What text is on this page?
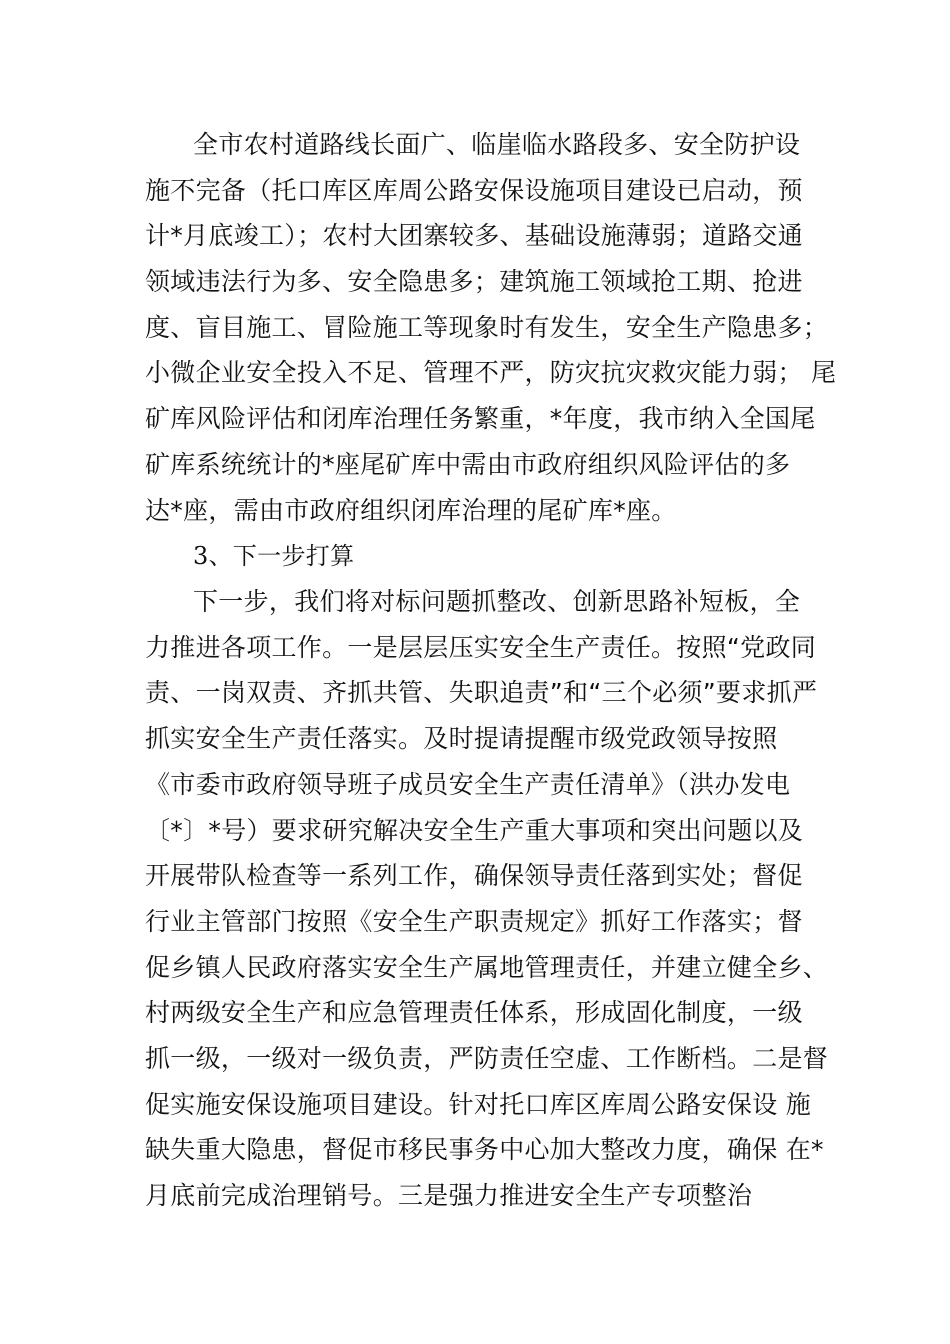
全市农村道路线长面广、临崖临水路段多、安全防护设
施不完备（托口库区库周公路安保设施项目建设已启动，预
计*月底竣工）；农村大团寨较多、基础设施薄弱；道路交通
领域违法行为多、安全隐患多；建筑施工领域抢工期、抢进
度、盲目施工、冒险施工等现象时有发生，安全生产隐患多；
小微企业安全投入不足、管理不严，防灾抗灾救灾能力弱； 尾
矿库风险评估和闭库治理任务繁重，*年度，我市纳入全国尾
矿库系统统计的*座尾矿库中需由市政府组织风险评估的多
达*座，需由市政府组织闭库治理的尾矿库*座。
3、下一步打算
下一步，我们将对标问题抓整改、创新思路补短板，全
力推进各项工作。一是层层压实安全生产责任。按照“党政同
责、一岗双责、齐抓共管、失职追责”和“三个必须”要求抓严
抓实安全生产责任落实。及时提请提醒市级党政领导按照
《市委市政府领导班子成员安全生产责任清单》（洪办发电
〔*〕*号）要求研究解决安全生产重大事项和突出问题以及
开展带队检查等一系列工作，确保领导责任落到实处；督促
行业主管部门按照《安全生产职责规定》抓好工作落实；督
促乡镇人民政府落实安全生产属地管理责任，并建立健全乡、
村两级安全生产和应急管理责任体系，形成固化制度，一级
抓一级，一级对一级负责，严防责任空虚、工作断档。二是督
促实施安保设施项目建设。针对托口库区库周公路安保设 施
缺失重大隐患，督促市移民事务中心加大整改力度，确保 在*
月底前完成治理销号。三是强力推进安全生产专项整治
